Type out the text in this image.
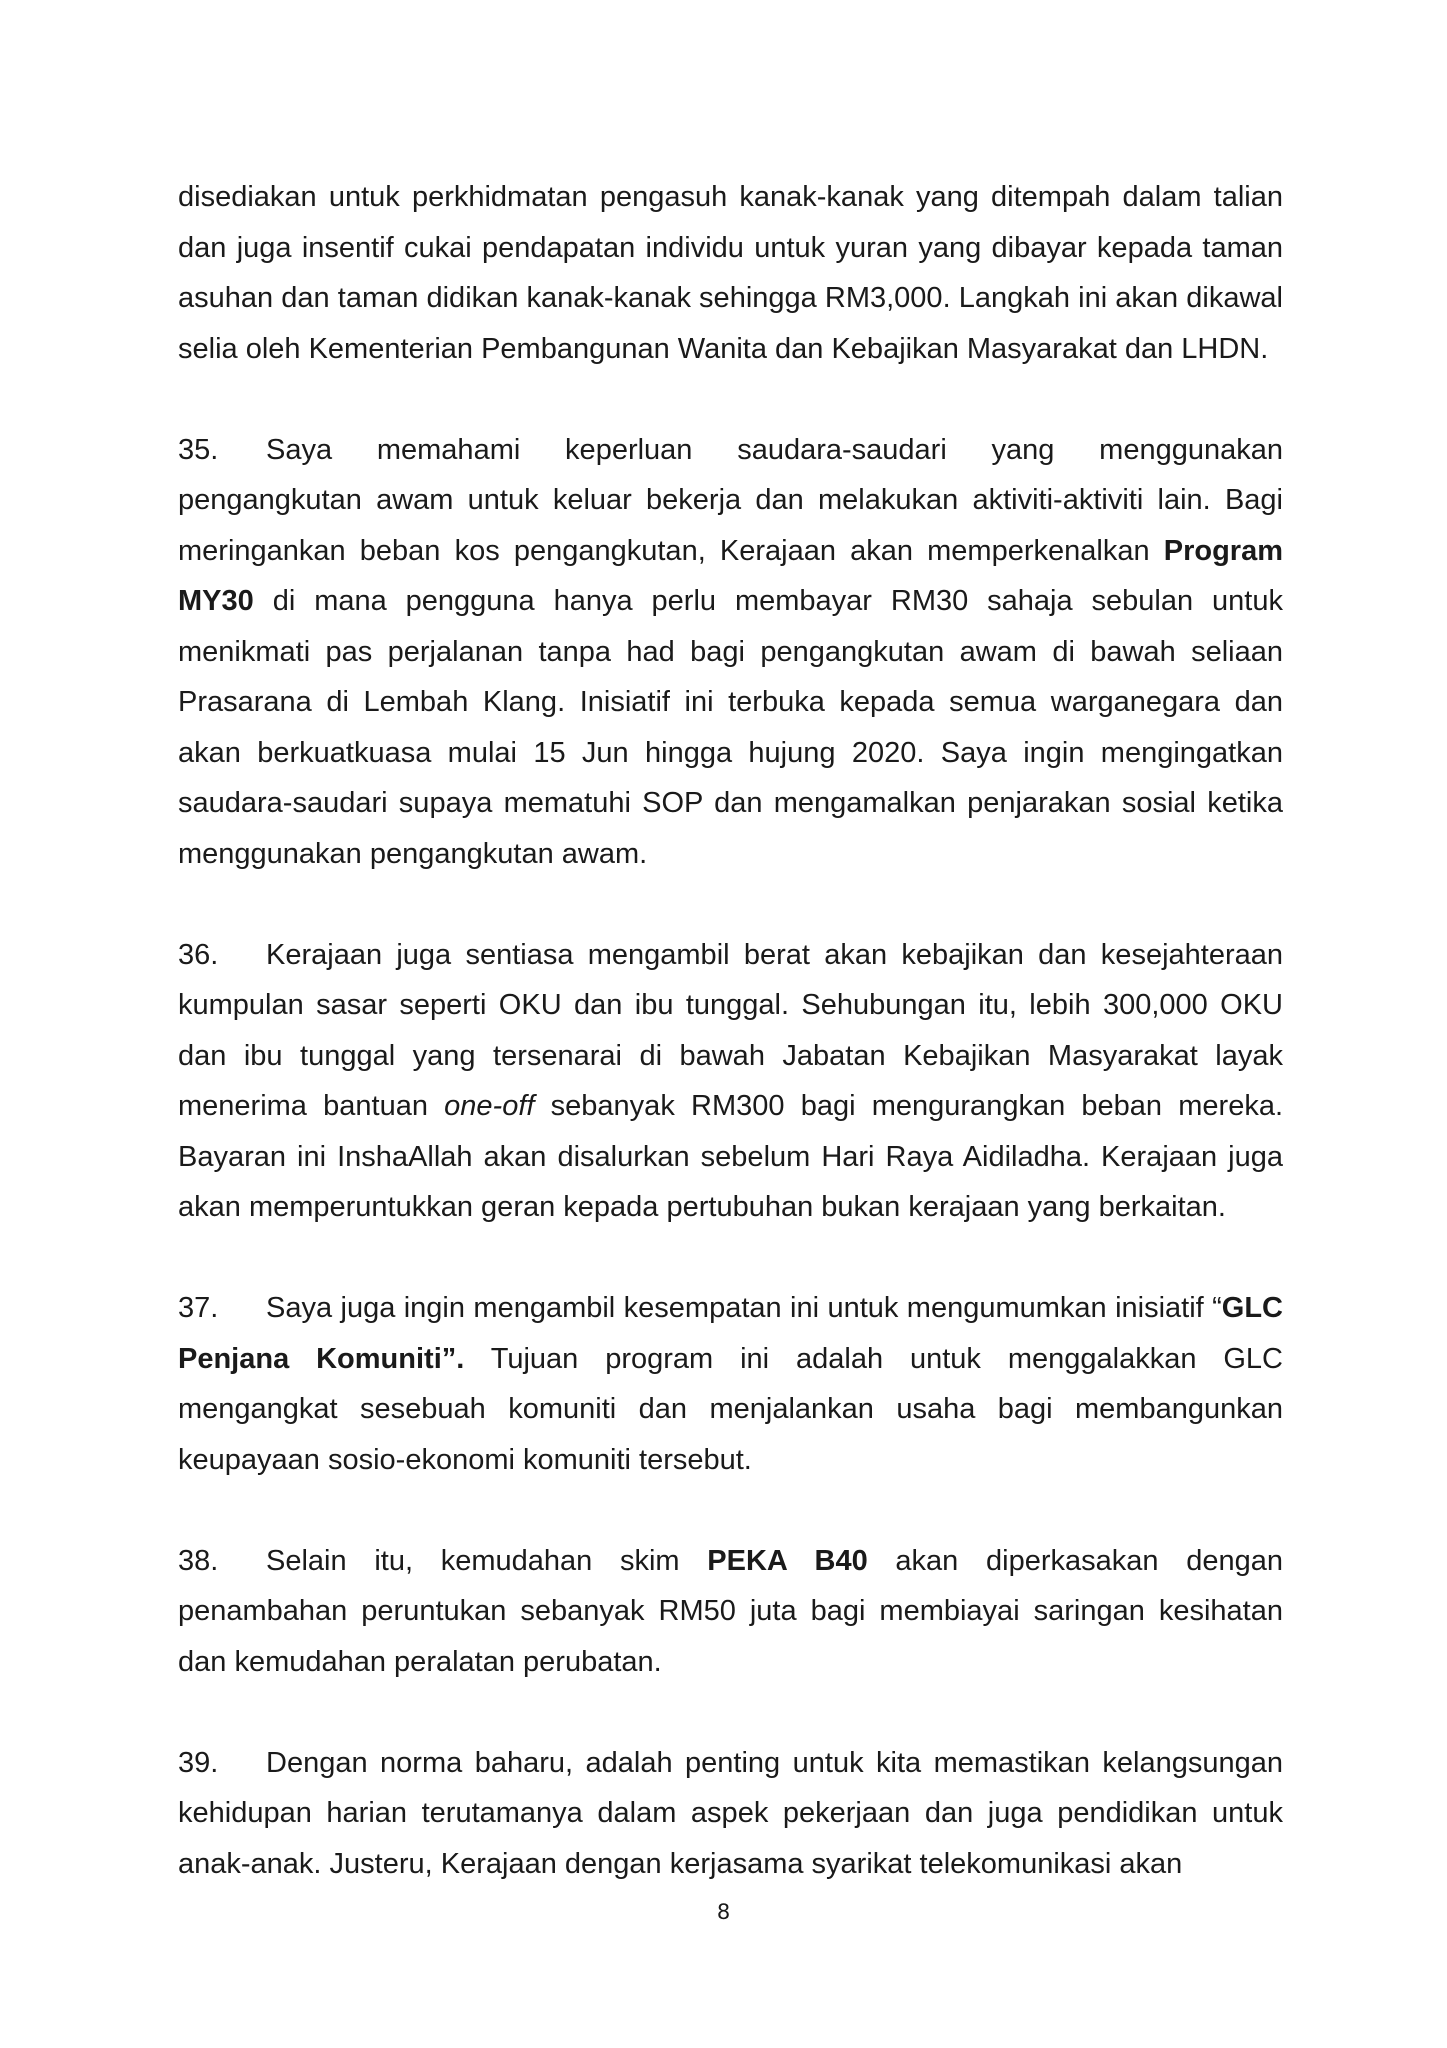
disediakan untuk perkhidmatan pengasuh kanak-kanak yang ditempah dalam talian dan juga insentif cukai pendapatan individu untuk yuran yang dibayar kepada taman asuhan dan taman didikan kanak-kanak sehingga RM3,000. Langkah ini akan dikawal selia oleh Kementerian Pembangunan Wanita dan Kebajikan Masyarakat dan LHDN.

35. Saya memahami keperluan saudara-saudari yang menggunakan pengangkutan awam untuk keluar bekerja dan melakukan aktiviti-aktiviti lain. Bagi meringankan beban kos pengangkutan, Kerajaan akan memperkenalkan Program MY30 di mana pengguna hanya perlu membayar RM30 sahaja sebulan untuk menikmati pas perjalanan tanpa had bagi pengangkutan awam di bawah seliaan Prasarana di Lembah Klang. Inisiatif ini terbuka kepada semua warganegara dan akan berkuatkuasa mulai 15 Jun hingga hujung 2020. Saya ingin mengingatkan saudara-saudari supaya mematuhi SOP dan mengamalkan penjarakan sosial ketika menggunakan pengangkutan awam.

36. Kerajaan juga sentiasa mengambil berat akan kebajikan dan kesejahteraan kumpulan sasar seperti OKU dan ibu tunggal. Sehubungan itu, lebih 300,000 OKU dan ibu tunggal yang tersenarai di bawah Jabatan Kebajikan Masyarakat layak menerima bantuan one-off sebanyak RM300 bagi mengurangkan beban mereka. Bayaran ini InshaAllah akan disalurkan sebelum Hari Raya Aidiladha. Kerajaan juga akan memperuntukkan geran kepada pertubuhan bukan kerajaan yang berkaitan.

37. Saya juga ingin mengambil kesempatan ini untuk mengumumkan inisiatif “GLC Penjana Komuniti”. Tujuan program ini adalah untuk menggalakkan GLC mengangkat sesebuah komuniti dan menjalankan usaha bagi membangunkan keupayaan sosio-ekonomi komuniti tersebut.

38. Selain itu, kemudahan skim PEKA B40 akan diperkasakan dengan penambahan peruntukan sebanyak RM50 juta bagi membiayai saringan kesihatan dan kemudahan peralatan perubatan.

39. Dengan norma baharu, adalah penting untuk kita memastikan kelangsungan kehidupan harian terutamanya dalam aspek pekerjaan dan juga pendidikan untuk anak-anak. Justeru, Kerajaan dengan kerjasama syarikat telekomunikasi akan

8
